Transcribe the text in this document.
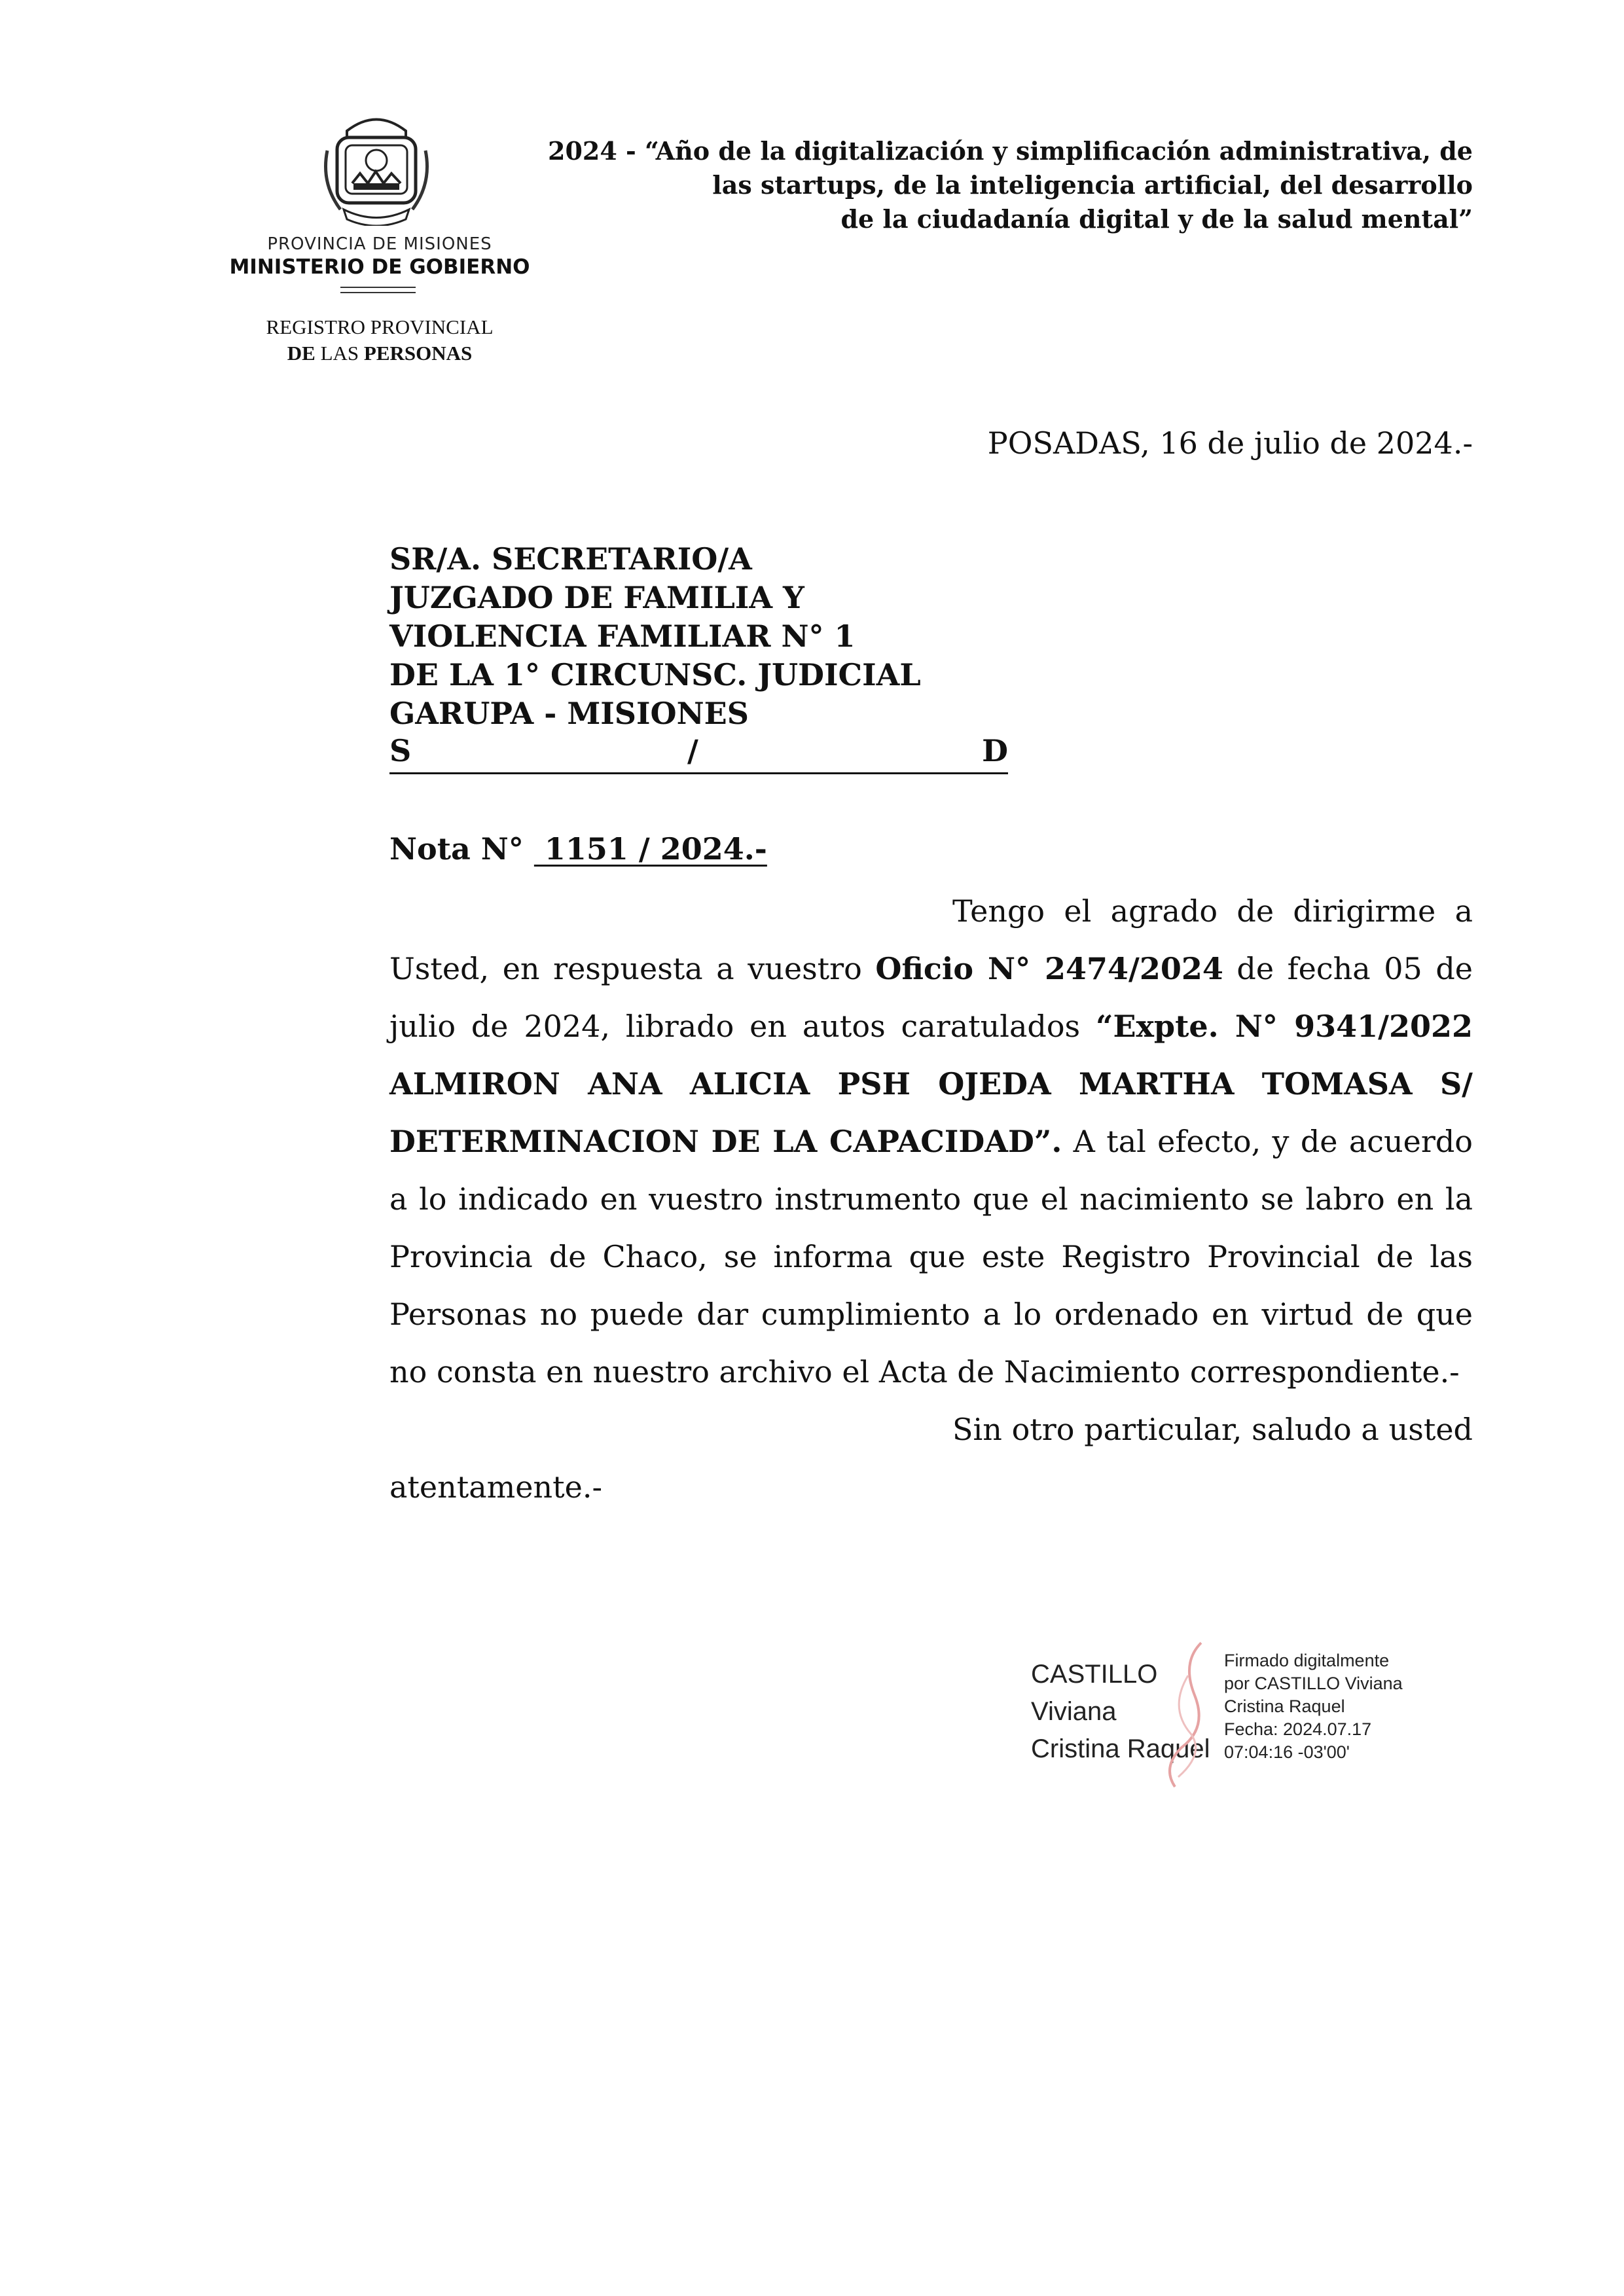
PROVINCIA DE MISIONES
MINISTERIO DE GOBIERNO
REGISTRO PROVINCIAL
DE LAS PERSONAS
2024 - “Año de la digitalización y simplificación administrativa, de
las startups, de la inteligencia artificial, del desarrollo
de la ciudadanía digital y de la salud mental”
POSADAS, 16 de julio de 2024.-
SR/A. SECRETARIO/A
JUZGADO DE FAMILIA Y
VIOLENCIA FAMILIAR N° 1
DE LA 1° CIRCUNSC. JUDICIAL
GARUPA - MISIONES
S	/	D
Nota N°  1151 / 2024.-

Tengo el agrado de dirigirme a Usted, en respuesta a vuestro Oficio N° 2474/2024 de fecha 05 de julio de 2024, librado en autos caratulados “Expte. N° 9341/2022 ALMIRON ANA ALICIA PSH OJEDA MARTHA TOMASA S/ DETERMINACION DE LA CAPACIDAD”. A tal efecto, y de acuerdo a lo indicado en vuestro instrumento que el nacimiento se labro en la Provincia de Chaco, se informa que este Registro Provincial de las Personas no puede dar cumplimiento a lo ordenado en virtud de que no consta en nuestro archivo el Acta de Nacimiento correspondiente.-

Sin otro particular, saludo a usted atentamente.-

CASTILLO
Viviana
Cristina Raquel
Firmado digitalmente
por CASTILLO Viviana
Cristina Raquel
Fecha: 2024.07.17
07:04:16 -03'00'
